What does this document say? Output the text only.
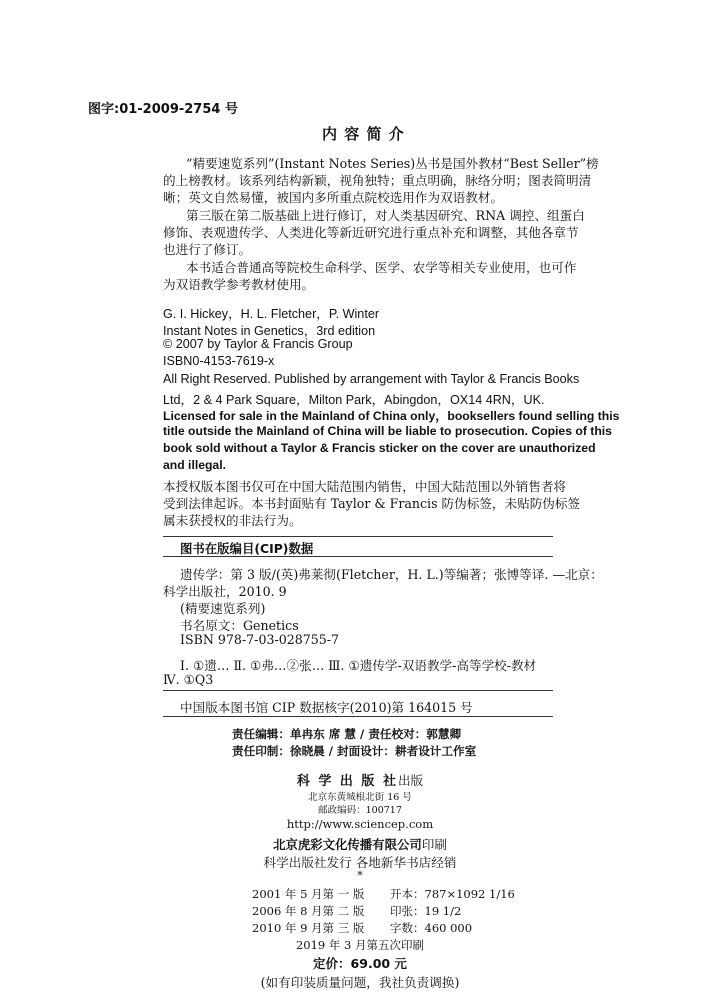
图字:01-2009-2754 号
内 容 简 介
“精要速览系列”(Instant Notes Series)丛书是国外教材“Best Seller”榜
的上榜教材。该系列结构新颖，视角独特；重点明确，脉络分明；图表简明清
晰；英文自然易懂，被国内多所重点院校选用作为双语教材。
第三版在第二版基础上进行修订，对人类基因研究、RNA 调控、组蛋白
修饰、表观遗传学、人类进化等新近研究进行重点补充和调整，其他各章节
也进行了修订。
本书适合普通高等院校生命科学、医学、农学等相关专业使用，也可作
为双语教学参考教材使用。
G. I. Hickey，H. L. Fletcher，P. Winter
Instant Notes in Genetics，3rd edition
© 2007 by Taylor & Francis Group
ISBN0-4153-7619-x
All Right Reserved. Published by arrangement with Taylor & Francis Books
Ltd，2 & 4 Park Square，Milton Park，Abingdon，OX14 4RN，UK.
Licensed for sale in the Mainland of China only，booksellers found selling this
title outside the Mainland of China will be liable to prosecution. Copies of this
book sold without a Taylor & Francis sticker on the cover are unauthorized
and illegal.
本授权版本图书仅可在中国大陆范围内销售，中国大陆范围以外销售者将
受到法律起诉。本书封面贴有 Taylor & Francis 防伪标签，未贴防伪标签
属未获授权的非法行为。
图书在版编目(CIP)数据
遗传学：第 3 版/(英)弗莱彻(Fletcher，H. L.)等编著；张博等译. —北京：
科学出版社，2010. 9
(精要速览系列)
书名原文：Genetics
ISBN 978-7-03-028755-7
Ⅰ. ①遗… Ⅱ. ①弗…②张… Ⅲ. ①遗传学-双语教学-高等学校-教材
Ⅳ. ①Q3
中国版本图书馆 CIP 数据核字(2010)第 164015 号
责任编辑：单冉东 席 慧 / 责任校对：郭慧卿
责任印制：徐晓晨 / 封面设计：耕者设计工作室
科 学 出 版 社出版
北京东黄城根北街 16 号
邮政编码：100717
http://www.sciencep.com
北京虎彩文化传播有限公司印刷
科学出版社发行 各地新华书店经销
*
2001 年 5 月第 一 版 开本：787×1092 1/16
2006 年 8 月第 二 版 印张：19 1/2
2010 年 9 月第 三 版 字数：460 000
2019 年 3 月第五次印刷
定价：69.00 元
(如有印装质量问题，我社负责调换)
